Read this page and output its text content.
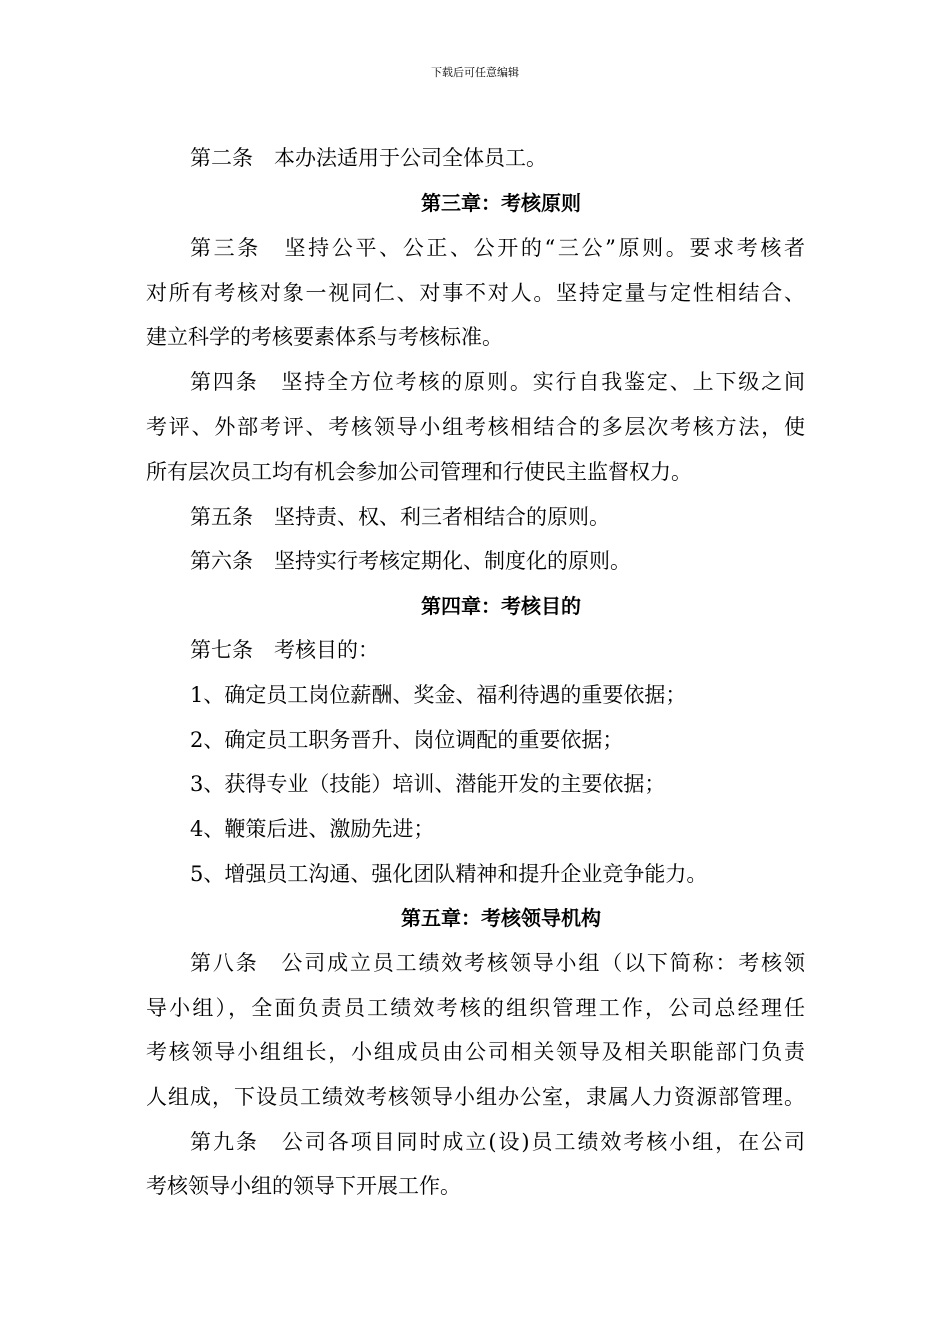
下载后可任意编辑
第二条　本办法适用于公司全体员工。
第三章：考核原则
第三条　坚持公平、公正、公开的“三公”原则。要求考核者
对所有考核对象一视同仁、对事不对人。坚持定量与定性相结合、
建立科学的考核要素体系与考核标准。
第四条　坚持全方位考核的原则。实行自我鉴定、上下级之间
考评、外部考评、考核领导小组考核相结合的多层次考核方法，使
所有层次员工均有机会参加公司管理和行使民主监督权力。
第五条　坚持责、权、利三者相结合的原则。
第六条　坚持实行考核定期化、制度化的原则。
第四章：考核目的
第七条　考核目的：
1、确定员工岗位薪酬、奖金、福利待遇的重要依据；
2、确定员工职务晋升、岗位调配的重要依据；
3、获得专业（技能）培训、潜能开发的主要依据；
4、鞭策后进、激励先进；
5、增强员工沟通、强化团队精神和提升企业竞争能力。
第五章：考核领导机构
第八条　公司成立员工绩效考核领导小组（以下简称：考核领
导小组），全面负责员工绩效考核的组织管理工作，公司总经理任
考核领导小组组长，小组成员由公司相关领导及相关职能部门负责
人组成，下设员工绩效考核领导小组办公室，隶属人力资源部管理。
第九条　公司各项目同时成立(设)员工绩效考核小组，在公司
考核领导小组的领导下开展工作。
